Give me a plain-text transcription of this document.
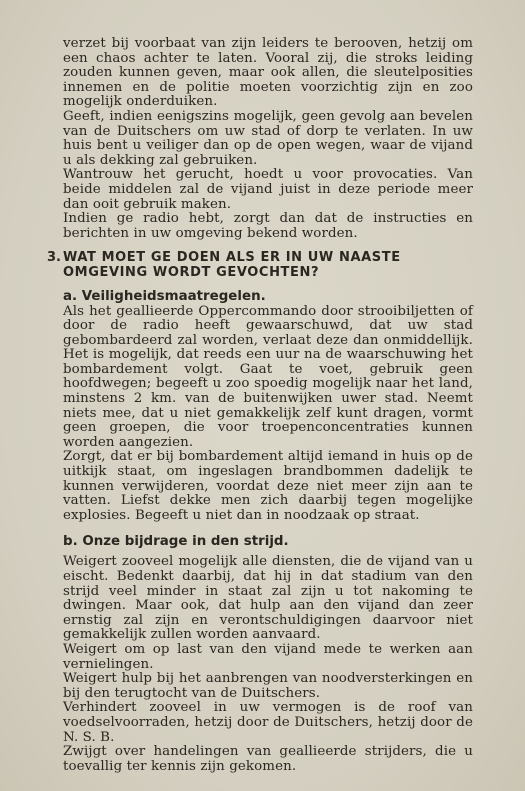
verzet bij voorbaat van zijn leiders te berooven, hetzij om een chaos achter te laten. Vooral zij, die stroks leiding zouden kunnen geven, maar ook allen, die sleutelposities innemen en de politie moeten voorzichtig zijn en zoo mogelijk onderduiken.

Geeft, indien eenigszins mogelijk, geen gevolg aan bevelen van de Duitschers om uw stad of dorp te verlaten. In uw huis bent u veiliger dan op de open wegen, waar de vijand u als dekking zal gebruiken.

Wantrouw het gerucht, hoedt u voor provocaties. Van beide middelen zal de vijand juist in deze periode meer dan ooit gebruik maken.

Indien ge radio hebt, zorgt dan dat de instructies en berichten in uw omgeving bekend worden.

3. WAT MOET GE DOEN ALS ER IN UW NAASTE OMGEVING WORDT GEVOCHTEN?
a. Veiligheidsmaatregelen.

Als het geallieerde Oppercommando door strooibiljetten of door de radio heeft gewaarschuwd, dat uw stad gebombardeerd zal worden, verlaat deze dan onmiddellijk. Het is mogelijk, dat reeds een uur na de waarschuwing het bombardement volgt. Gaat te voet, gebruik geen hoofdwegen; begeeft u zoo spoedig mogelijk naar het land, minstens 2 km. van de buitenwijken uwer stad. Neemt niets mee, dat u niet gemakkelijk zelf kunt dragen, vormt geen groepen, die voor troepenconcentraties kunnen worden aangezien.

Zorgt, dat er bij bombardement altijd iemand in huis op de uitkijk staat, om ingeslagen brandbommen dadelijk te kunnen verwijderen, voordat deze niet meer zijn aan te vatten. Liefst dekke men zich daarbij tegen mogelijke explosies. Begeeft u niet dan in noodzaak op straat.

b. Onze bijdrage in den strijd.

Weigert zooveel mogelijk alle diensten, die de vijand van u eischt. Bedenkt daarbij, dat hij in dat stadium van den strijd veel minder in staat zal zijn u tot nakoming te dwingen. Maar ook, dat hulp aan den vijand dan zeer ernstig zal zijn en verontschuldigingen daarvoor niet gemakkelijk zullen worden aanvaard.

Weigert om op last van den vijand mede te werken aan vernielingen.

Weigert hulp bij het aanbrengen van noodversterkingen en bij den terugtocht van de Duitschers.

Verhindert zooveel in uw vermogen is de roof van voedselvoorraden, hetzij door de Duitschers, hetzij door de N. S. B.

Zwijgt over handelingen van geallieerde strijders, die u toevallig ter kennis zijn gekomen.
